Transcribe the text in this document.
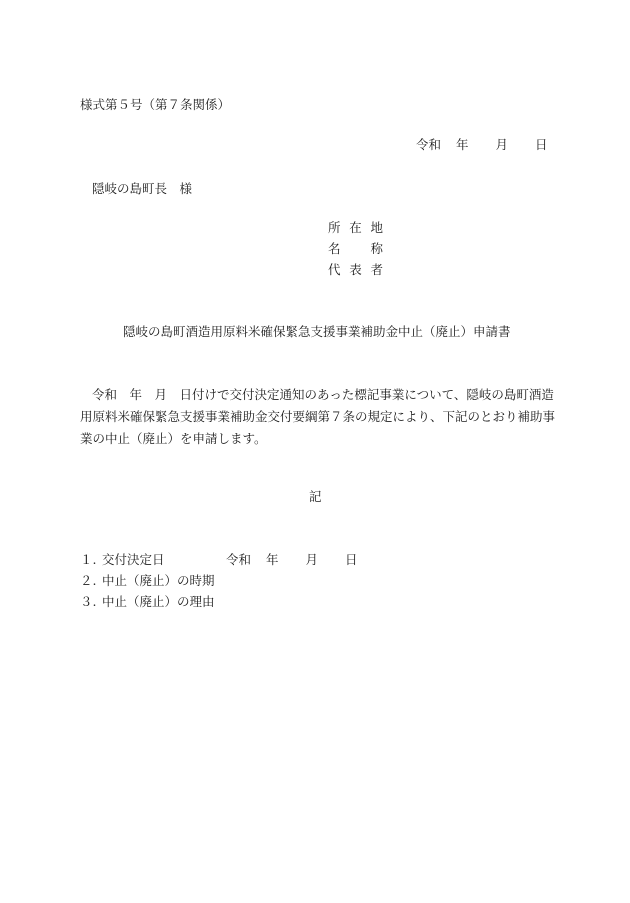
様式第５号（第７条関係）
令和 年 月 日
隠岐の島町長　様
所在地
名称
代表者
隠岐の島町酒造用原料米確保緊急支援事業補助金中止（廃止）申請書
令和　年　月　日付けで交付決定通知のあった標記事業について、隠岐の島町酒造
用原料米確保緊急支援事業補助金交付要綱第７条の規定により、下記のとおり補助事
業の中止（廃止）を申請します。
記
１. 交付決定日	令和 年 月 日
２. 中止（廃止）の時期
３. 中止（廃止）の理由
